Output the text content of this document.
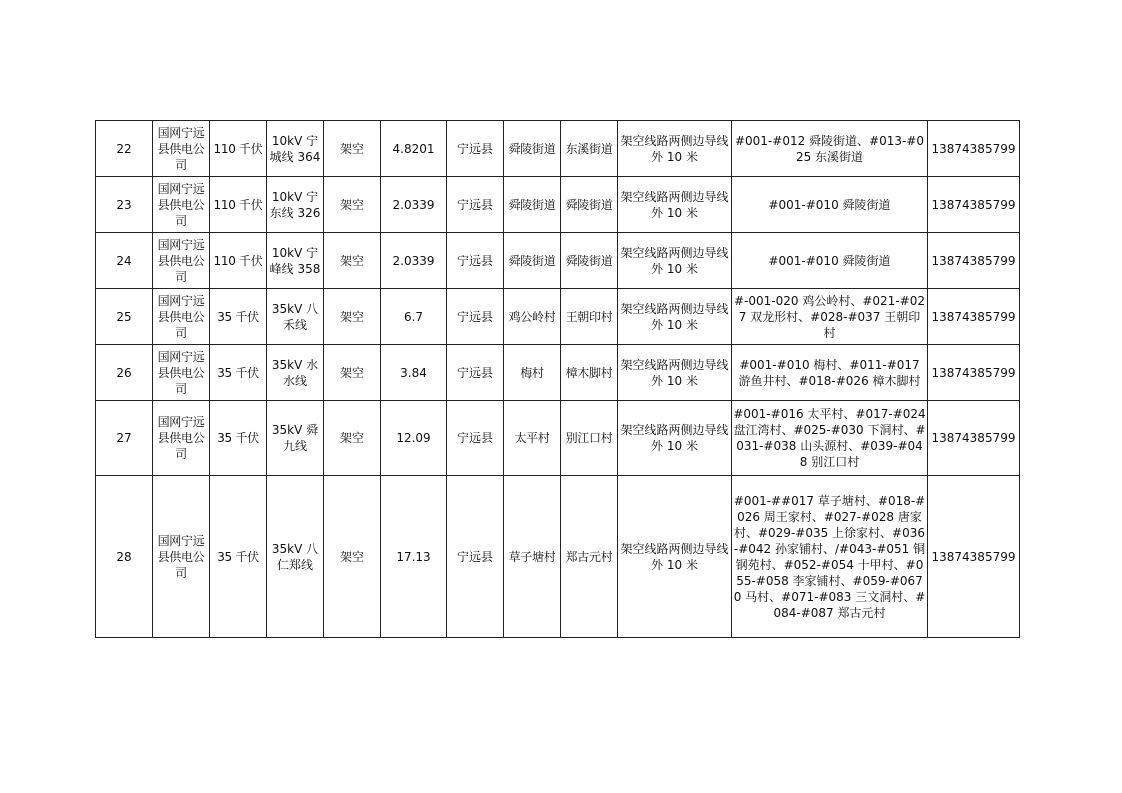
22	国网宁远县供电公司	110 千伏	10kV 宁城线 364	架空	4.8201	宁远县	舜陵街道	东溪街道	架空线路两侧边导线外 10 米	#001-#012 舜陵街道、#013-#025 东溪街道	13874385799
23	国网宁远县供电公司	110 千伏	10kV 宁东线 326	架空	2.0339	宁远县	舜陵街道	舜陵街道	架空线路两侧边导线外 10 米	#001-#010 舜陵街道	13874385799
24	国网宁远县供电公司	110 千伏	10kV 宁峰线 358	架空	2.0339	宁远县	舜陵街道	舜陵街道	架空线路两侧边导线外 10 米	#001-#010 舜陵街道	13874385799
25	国网宁远县供电公司	35 千伏	35kV 八禾线	架空	6.7	宁远县	鸡公岭村	王朝印村	架空线路两侧边导线外 10 米	#-001-020 鸡公岭村、#021-#027 双龙形村、#028-#037 王朝印村	13874385799
26	国网宁远县供电公司	35 千伏	35kV 水水线	架空	3.84	宁远县	梅村	樟木脚村	架空线路两侧边导线外 10 米	#001-#010 梅村、#011-#017 游鱼井村、#018-#026 樟木脚村	13874385799
27	国网宁远县供电公司	35 千伏	35kV 舜九线	架空	12.09	宁远县	太平村	别江口村	架空线路两侧边导线外 10 米	#001-#016 太平村、#017-#024 盘江湾村、#025-#030 下洞村、#031-#038 山头源村、#039-#048 别江口村	13874385799
28	国网宁远县供电公司	35 千伏	35kV 八仁郑线	架空	17.13	宁远县	草子塘村	郑古元村	架空线路两侧边导线外 10 米	#001-##017 草子塘村、#018-#026 周王家村、#027-#028 唐家村、#029-#035 上徐家村、#036-#042 孙家铺村、/#043-#051 铜钢苑村、#052-#054 十甲村、#055-#058 李家铺村、#059-#0670 马村、#071-#083 三文洞村、#084-#087 郑古元村	13874385799
